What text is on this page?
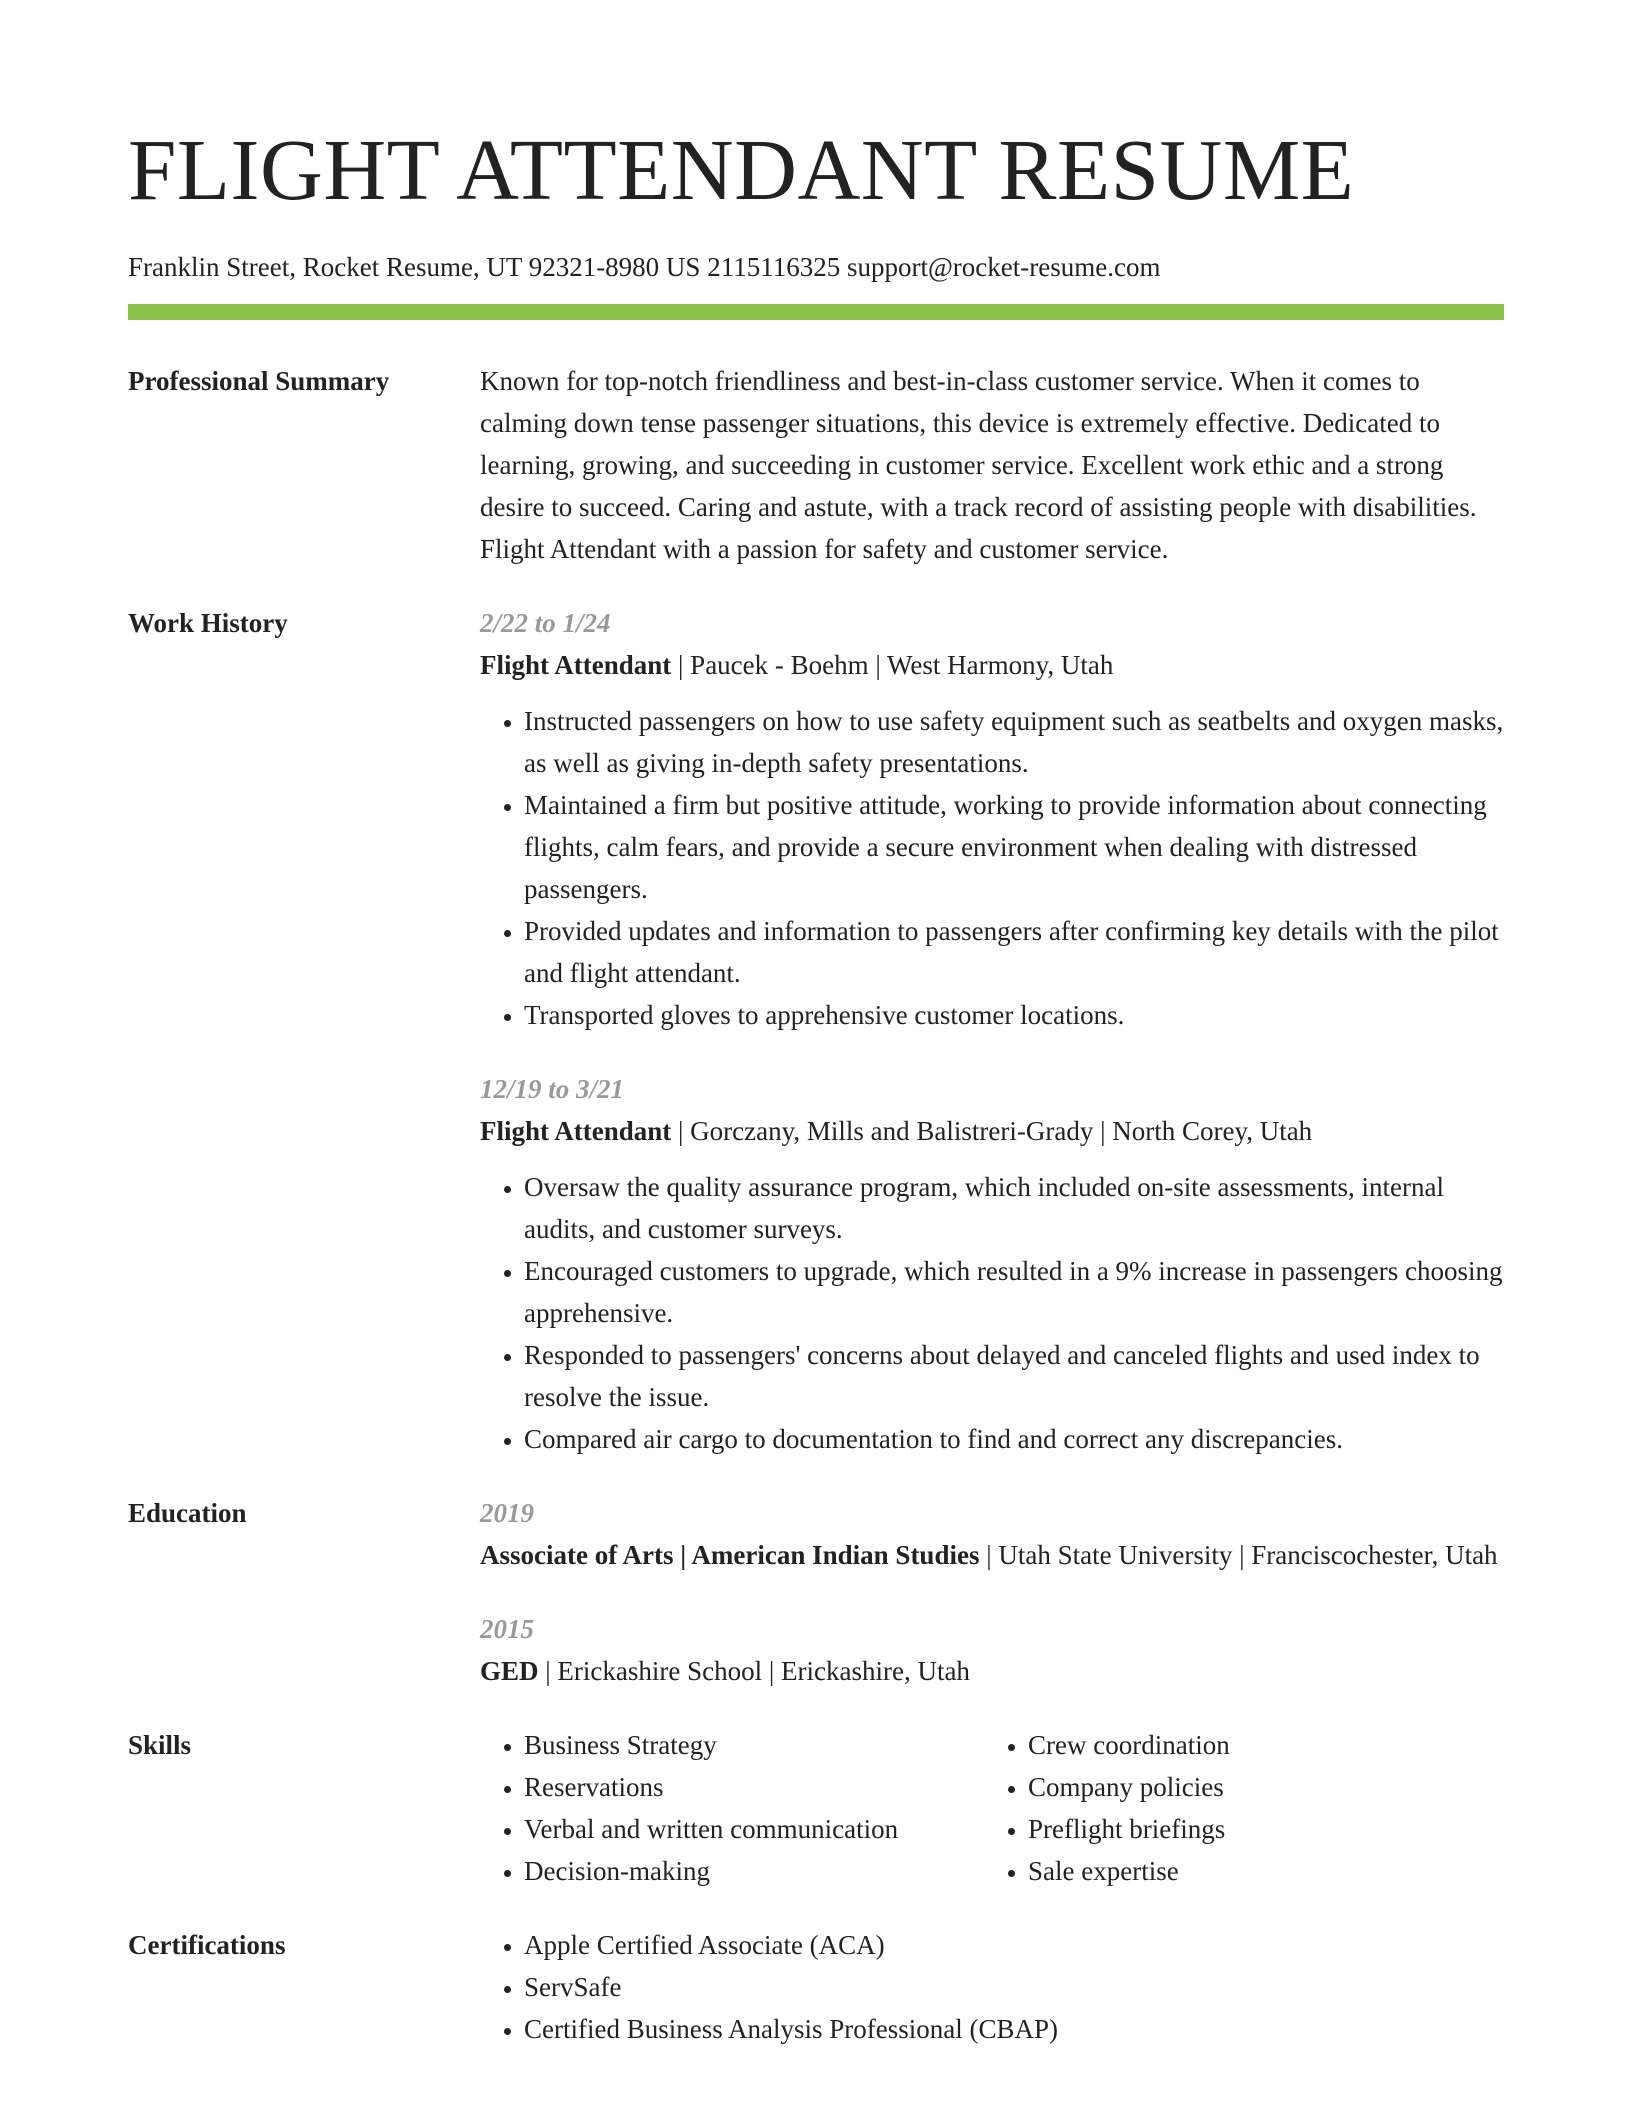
FLIGHT ATTENDANT RESUME
Franklin Street, Rocket Resume, UT 92321-8980 US 2115116325 support@rocket-resume.com
Professional Summary	Known for top-notch friendliness and best-in-class customer service. When it comes to calming down tense passenger situations, this device is extremely effective. Dedicated to learning, growing, and succeeding in customer service. Excellent work ethic and a strong desire to succeed. Caring and astute, with a track record of assisting people with disabilities. Flight Attendant with a passion for safety and customer service.

Work History	2/22 to 1/24
Flight Attendant | Paucek - Boehm | West Harmony, Utah
• Instructed passengers on how to use safety equipment such as seatbelts and oxygen masks, as well as giving in-depth safety presentations.
• Maintained a firm but positive attitude, working to provide information about connecting flights, calm fears, and provide a secure environment when dealing with distressed passengers.
• Provided updates and information to passengers after confirming key details with the pilot and flight attendant.
• Transported gloves to apprehensive customer locations.
12/19 to 3/21
Flight Attendant | Gorczany, Mills and Balistreri-Grady | North Corey, Utah
• Oversaw the quality assurance program, which included on-site assessments, internal audits, and customer surveys.
• Encouraged customers to upgrade, which resulted in a 9% increase in passengers choosing apprehensive.
• Responded to passengers' concerns about delayed and canceled flights and used index to resolve the issue.
• Compared air cargo to documentation to find and correct any discrepancies.
Education	2019
Associate of Arts | American Indian Studies | Utah State University | Franciscochester, Utah
2015
GED | Erickashire School | Erickashire, Utah
Skills	• Business Strategy
• Reservations
• Verbal and written communication
• Decision-making
• Crew coordination
• Company policies
• Preflight briefings
• Sale expertise
Certifications	• Apple Certified Associate (ACA)
• ServSafe
• Certified Business Analysis Professional (CBAP)
